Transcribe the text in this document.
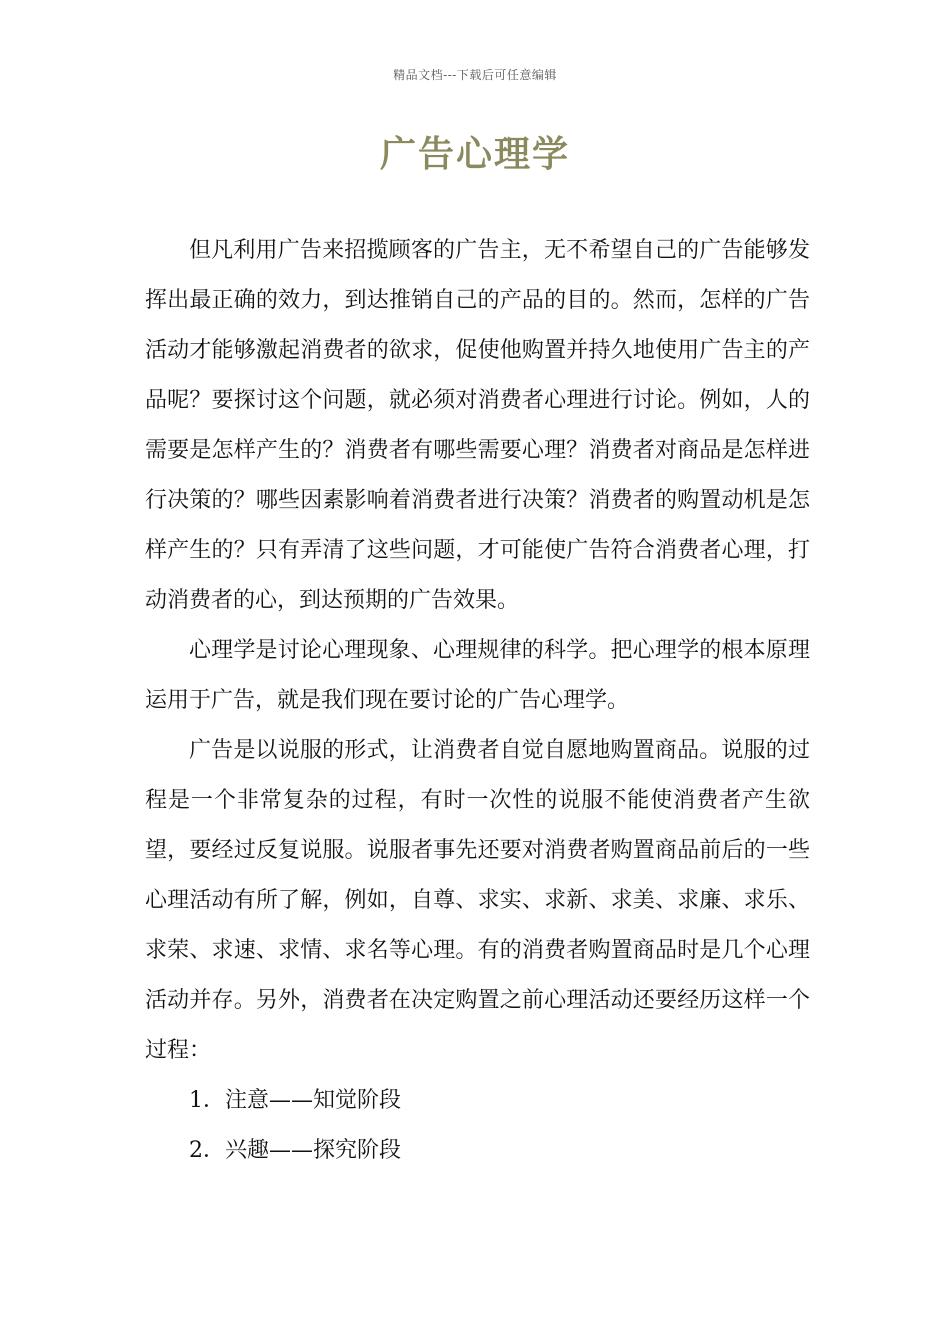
精品文档---下载后可任意编辑
广告心理学

但凡利用广告来招揽顾客的广告主，无不希望自己的广告能够发挥出最正确的效力，到达推销自己的产品的目的。然而，怎样的广告活动才能够激起消费者的欲求，促使他购置并持久地使用广告主的产品呢？要探讨这个问题，就必须对消费者心理进行讨论。例如，人的需要是怎样产生的？消费者有哪些需要心理？消费者对商品是怎样进行决策的？哪些因素影响着消费者进行决策？消费者的购置动机是怎样产生的？只有弄清了这些问题，才可能使广告符合消费者心理，打动消费者的心，到达预期的广告效果。

心理学是讨论心理现象、心理规律的科学。把心理学的根本原理运用于广告，就是我们现在要讨论的广告心理学。

广告是以说服的形式，让消费者自觉自愿地购置商品。说服的过程是一个非常复杂的过程，有时一次性的说服不能使消费者产生欲望，要经过反复说服。说服者事先还要对消费者购置商品前后的一些心理活动有所了解，例如，自尊、求实、求新、求美、求廉、求乐、求荣、求速、求情、求名等心理。有的消费者购置商品时是几个心理活动并存。另外，消费者在决定购置之前心理活动还要经历这样一个过程：

1．注意——知觉阶段

2．兴趣——探究阶段
